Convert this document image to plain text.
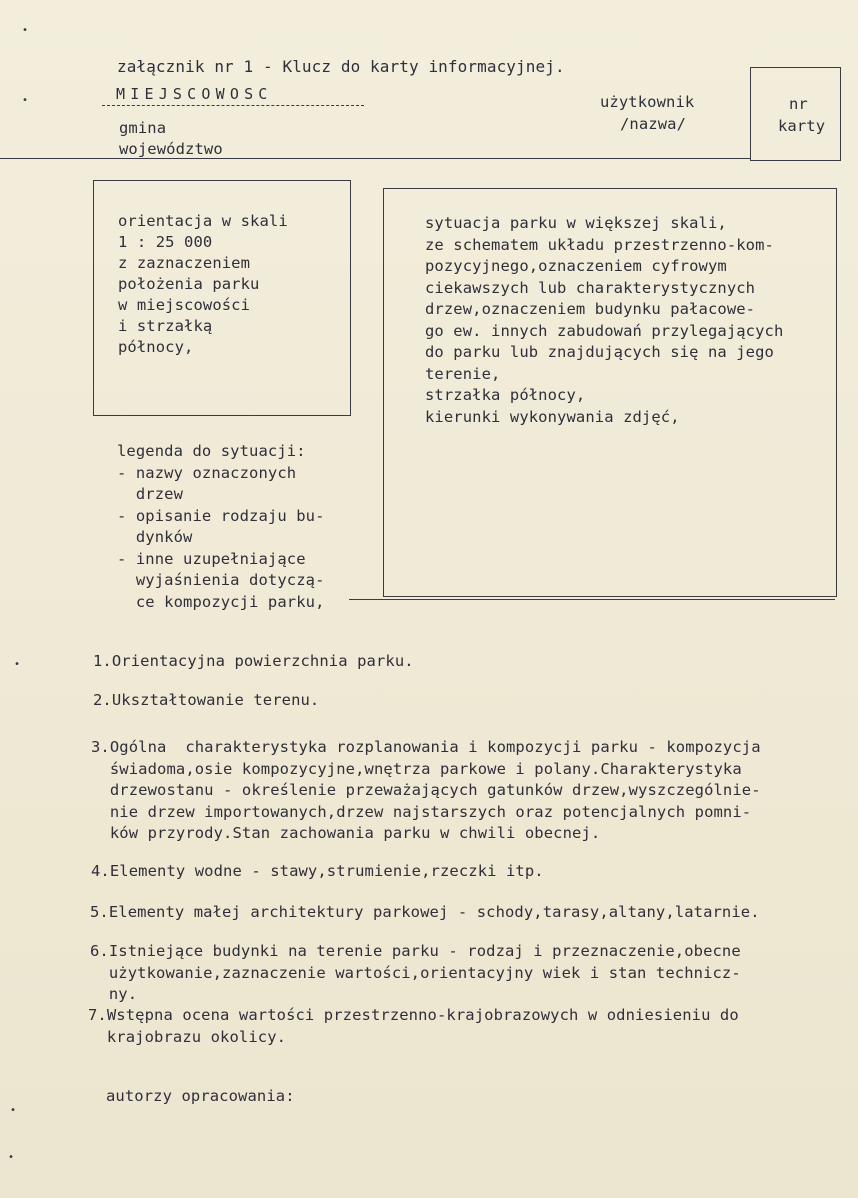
załącznik nr 1 - Klucz do karty informacyjnej.
MIEJSCOWOSC
gmina
województwo
użytkownik
/nazwa/
nr
karty
orientacja w skali
1 : 25 000
z zaznaczeniem
położenia parku
w miejscowości
i strzałką
północy,
sytuacja parku w większej skali,
ze schematem układu przestrzenno-kom-
pozycyjnego,oznaczeniem cyfrowym
ciekawszych lub charakterystycznych
drzew,oznaczeniem budynku pałacowe-
go ew. innych zabudowań przylegających
do parku lub znajdujących się na jego
terenie,
strzałka północy,
kierunki wykonywania zdjęć,
legenda do sytuacji:
- nazwy oznaczonych
drzew
- opisanie rodzaju bu-
dynków
- inne uzupełniające
wyjaśnienia dotyczą-
ce kompozycji parku,
1.Orientacyjna powierzchnia parku.
2.Ukształtowanie terenu.
3.Ogólna  charakterystyka rozplanowania i kompozycji parku - kompozycja
świadoma,osie kompozycyjne,wnętrza parkowe i polany.Charakterystyka
drzewostanu - określenie przeważających gatunków drzew,wyszczególnie-
nie drzew importowanych,drzew najstarszych oraz potencjalnych pomni-
ków przyrody.Stan zachowania parku w chwili obecnej.
4.Elementy wodne - stawy,strumienie,rzeczki itp.
5.Elementy małej architektury parkowej - schody,tarasy,altany,latarnie.
6.Istniejące budynki na terenie parku - rodzaj i przeznaczenie,obecne
użytkowanie,zaznaczenie wartości,orientacyjny wiek i stan technicz-
ny.
7.Wstępna ocena wartości przestrzenno-krajobrazowych w odniesieniu do
krajobrazu okolicy.
autorzy opracowania:
•
•
•
•
•
